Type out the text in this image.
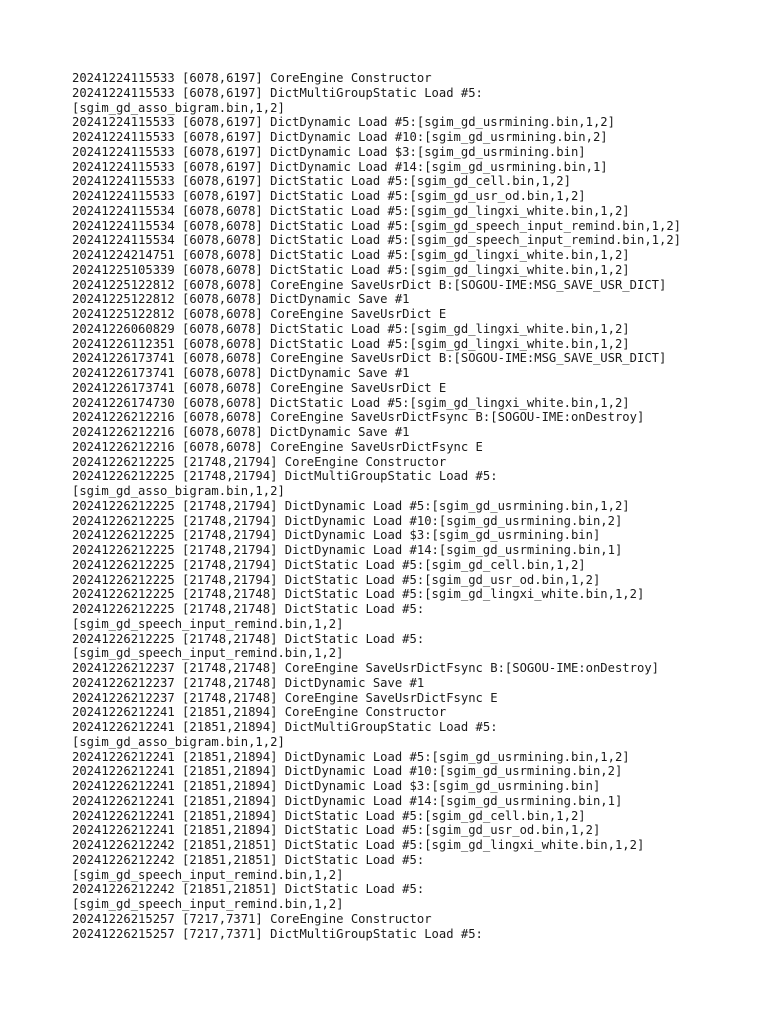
20241224115533 [6078,6197] CoreEngine Constructor
20241224115533 [6078,6197] DictMultiGroupStatic Load #5:
[sgim_gd_asso_bigram.bin,1,2]
20241224115533 [6078,6197] DictDynamic Load #5:[sgim_gd_usrmining.bin,1,2]
20241224115533 [6078,6197] DictDynamic Load #10:[sgim_gd_usrmining.bin,2]
20241224115533 [6078,6197] DictDynamic Load $3:[sgim_gd_usrmining.bin]
20241224115533 [6078,6197] DictDynamic Load #14:[sgim_gd_usrmining.bin,1]
20241224115533 [6078,6197] DictStatic Load #5:[sgim_gd_cell.bin,1,2]
20241224115533 [6078,6197] DictStatic Load #5:[sgim_gd_usr_od.bin,1,2]
20241224115534 [6078,6078] DictStatic Load #5:[sgim_gd_lingxi_white.bin,1,2]
20241224115534 [6078,6078] DictStatic Load #5:[sgim_gd_speech_input_remind.bin,1,2]
20241224115534 [6078,6078] DictStatic Load #5:[sgim_gd_speech_input_remind.bin,1,2]
20241224214751 [6078,6078] DictStatic Load #5:[sgim_gd_lingxi_white.bin,1,2]
20241225105339 [6078,6078] DictStatic Load #5:[sgim_gd_lingxi_white.bin,1,2]
20241225122812 [6078,6078] CoreEngine SaveUsrDict B:[SOGOU-IME:MSG_SAVE_USR_DICT]
20241225122812 [6078,6078] DictDynamic Save #1
20241225122812 [6078,6078] CoreEngine SaveUsrDict E
20241226060829 [6078,6078] DictStatic Load #5:[sgim_gd_lingxi_white.bin,1,2]
20241226112351 [6078,6078] DictStatic Load #5:[sgim_gd_lingxi_white.bin,1,2]
20241226173741 [6078,6078] CoreEngine SaveUsrDict B:[SOGOU-IME:MSG_SAVE_USR_DICT]
20241226173741 [6078,6078] DictDynamic Save #1
20241226173741 [6078,6078] CoreEngine SaveUsrDict E
20241226174730 [6078,6078] DictStatic Load #5:[sgim_gd_lingxi_white.bin,1,2]
20241226212216 [6078,6078] CoreEngine SaveUsrDictFsync B:[SOGOU-IME:onDestroy]
20241226212216 [6078,6078] DictDynamic Save #1
20241226212216 [6078,6078] CoreEngine SaveUsrDictFsync E
20241226212225 [21748,21794] CoreEngine Constructor
20241226212225 [21748,21794] DictMultiGroupStatic Load #5:
[sgim_gd_asso_bigram.bin,1,2]
20241226212225 [21748,21794] DictDynamic Load #5:[sgim_gd_usrmining.bin,1,2]
20241226212225 [21748,21794] DictDynamic Load #10:[sgim_gd_usrmining.bin,2]
20241226212225 [21748,21794] DictDynamic Load $3:[sgim_gd_usrmining.bin]
20241226212225 [21748,21794] DictDynamic Load #14:[sgim_gd_usrmining.bin,1]
20241226212225 [21748,21794] DictStatic Load #5:[sgim_gd_cell.bin,1,2]
20241226212225 [21748,21794] DictStatic Load #5:[sgim_gd_usr_od.bin,1,2]
20241226212225 [21748,21748] DictStatic Load #5:[sgim_gd_lingxi_white.bin,1,2]
20241226212225 [21748,21748] DictStatic Load #5:
[sgim_gd_speech_input_remind.bin,1,2]
20241226212225 [21748,21748] DictStatic Load #5:
[sgim_gd_speech_input_remind.bin,1,2]
20241226212237 [21748,21748] CoreEngine SaveUsrDictFsync B:[SOGOU-IME:onDestroy]
20241226212237 [21748,21748] DictDynamic Save #1
20241226212237 [21748,21748] CoreEngine SaveUsrDictFsync E
20241226212241 [21851,21894] CoreEngine Constructor
20241226212241 [21851,21894] DictMultiGroupStatic Load #5:
[sgim_gd_asso_bigram.bin,1,2]
20241226212241 [21851,21894] DictDynamic Load #5:[sgim_gd_usrmining.bin,1,2]
20241226212241 [21851,21894] DictDynamic Load #10:[sgim_gd_usrmining.bin,2]
20241226212241 [21851,21894] DictDynamic Load $3:[sgim_gd_usrmining.bin]
20241226212241 [21851,21894] DictDynamic Load #14:[sgim_gd_usrmining.bin,1]
20241226212241 [21851,21894] DictStatic Load #5:[sgim_gd_cell.bin,1,2]
20241226212241 [21851,21894] DictStatic Load #5:[sgim_gd_usr_od.bin,1,2]
20241226212242 [21851,21851] DictStatic Load #5:[sgim_gd_lingxi_white.bin,1,2]
20241226212242 [21851,21851] DictStatic Load #5:
[sgim_gd_speech_input_remind.bin,1,2]
20241226212242 [21851,21851] DictStatic Load #5:
[sgim_gd_speech_input_remind.bin,1,2]
20241226215257 [7217,7371] CoreEngine Constructor
20241226215257 [7217,7371] DictMultiGroupStatic Load #5:
